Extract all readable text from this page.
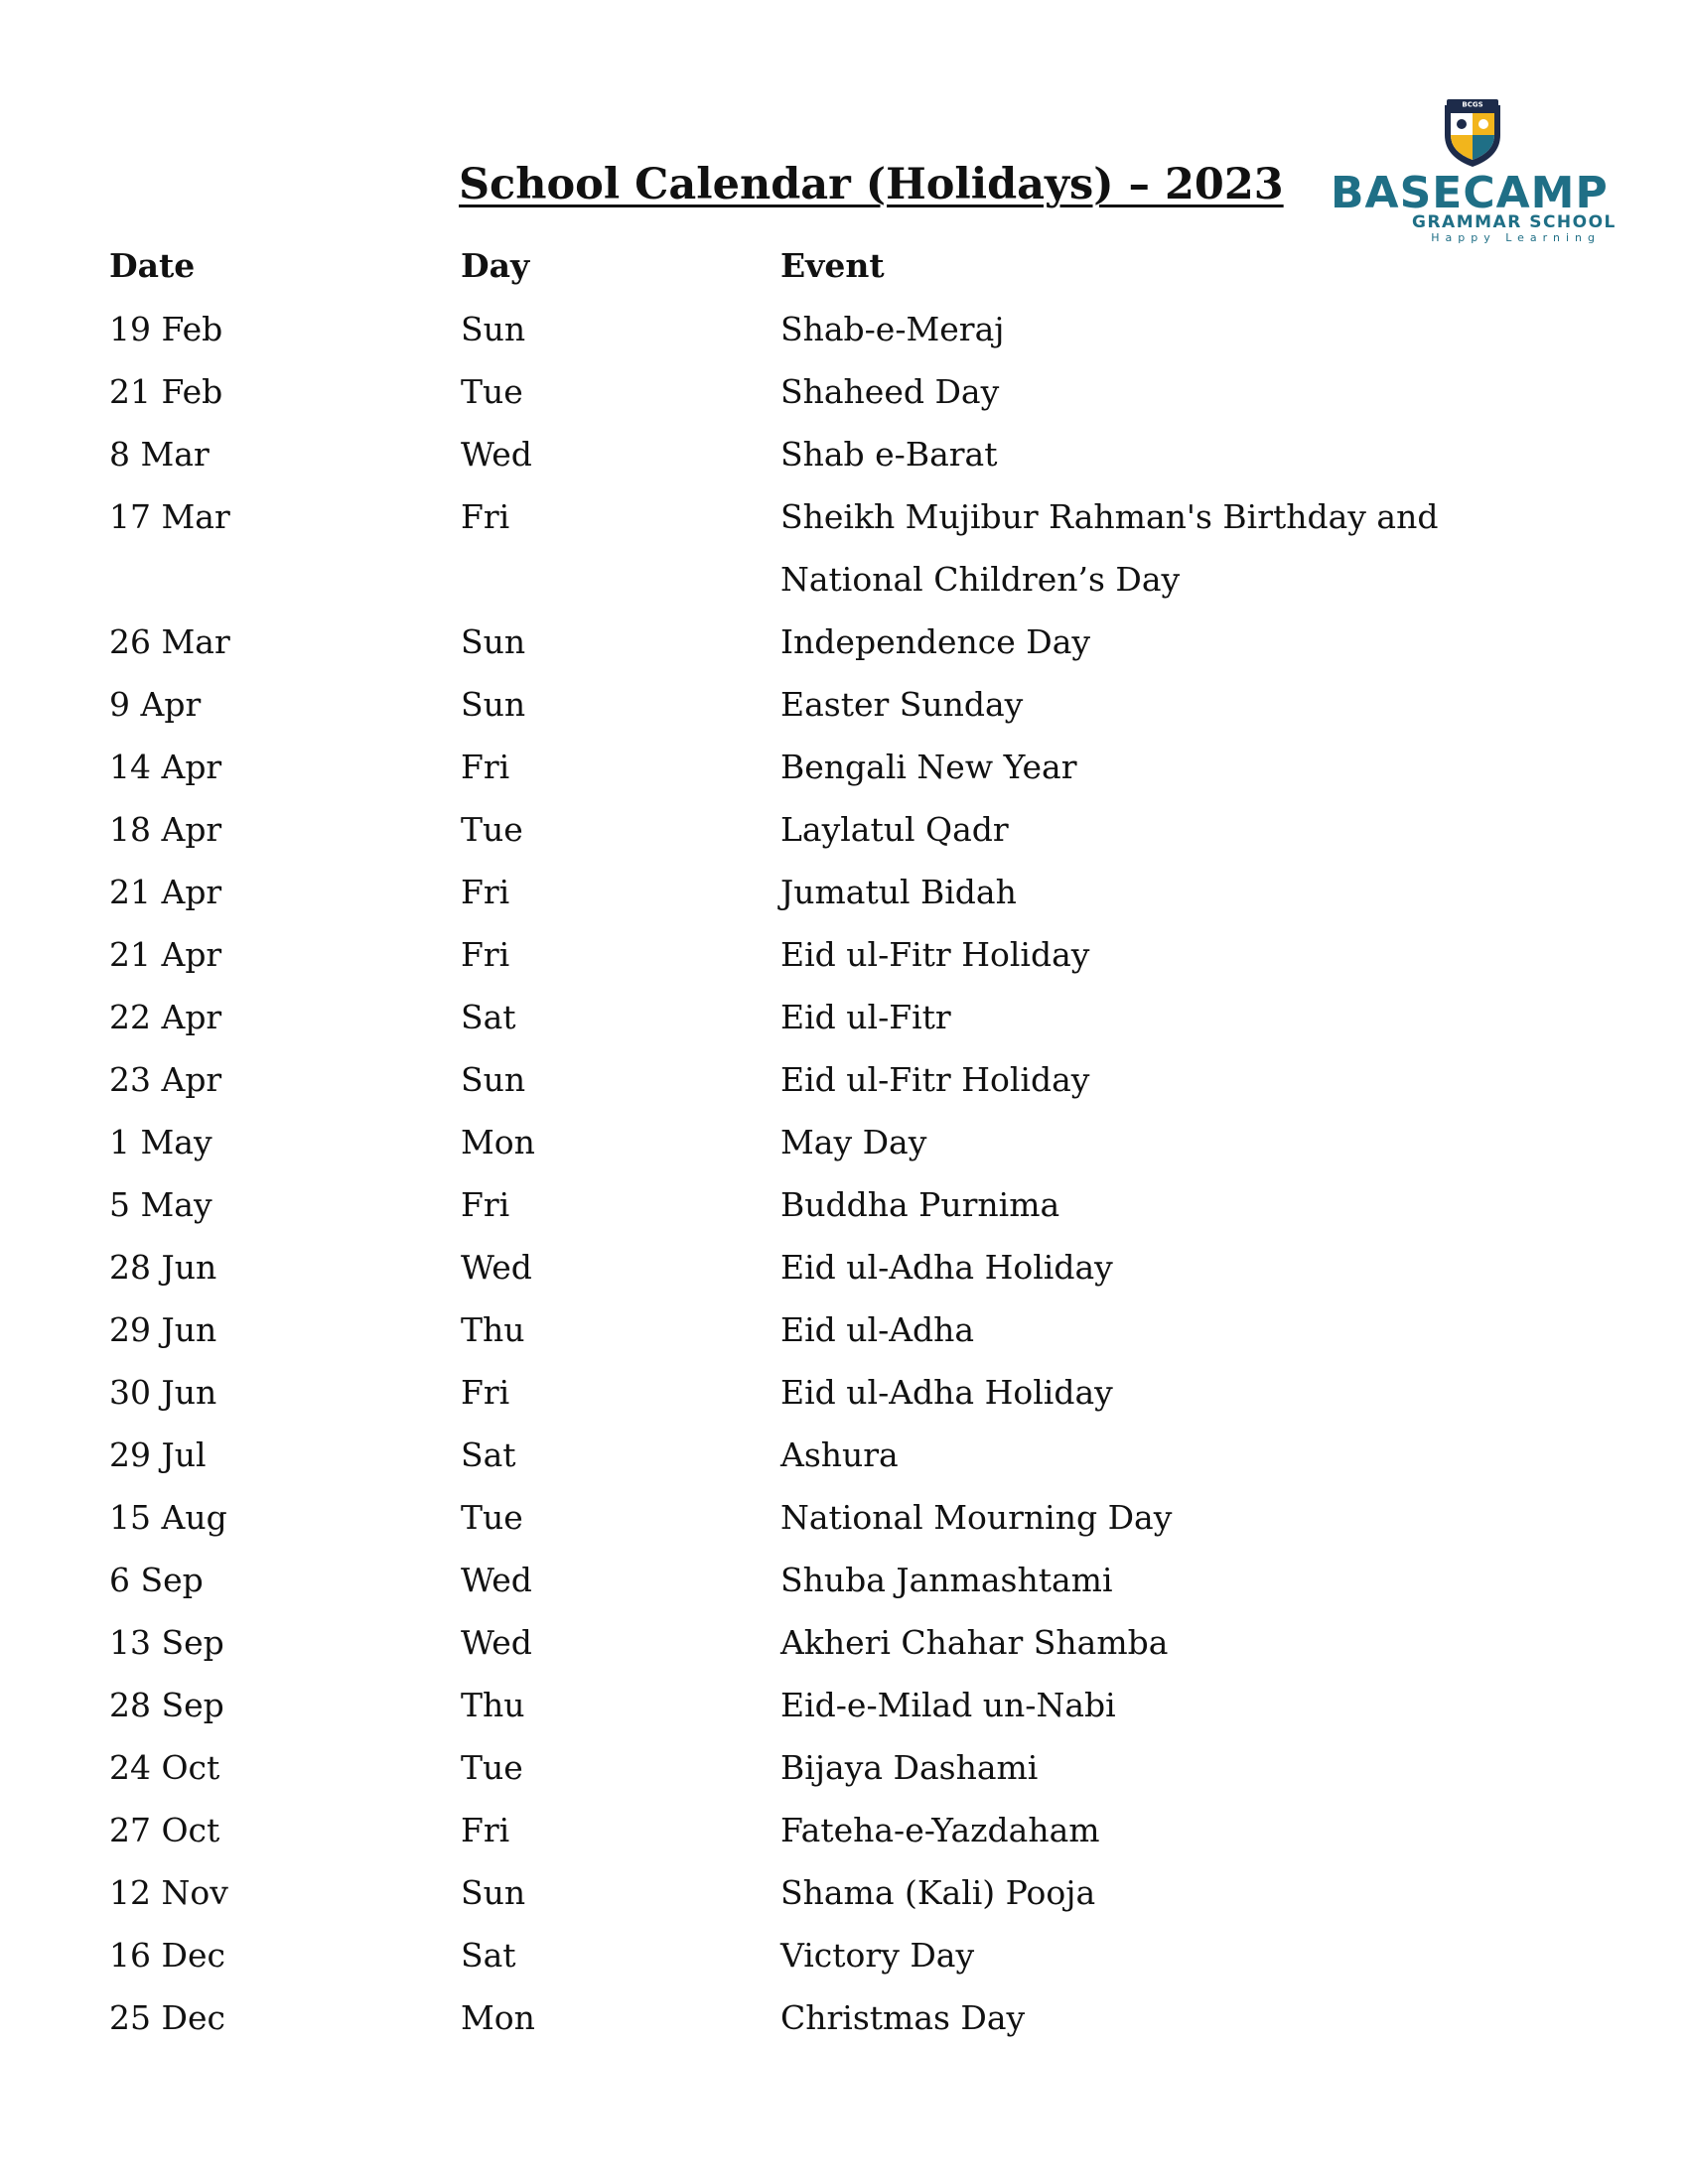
School Calendar (Holidays) – 2023
BCGS
BASECAMP
GRAMMAR SCHOOL
Happy Learning
Date	Day	Event
19 Feb	Sun	Shab-e-Meraj
21 Feb	Tue	Shaheed Day
8 Mar	Wed	Shab e-Barat
17 Mar	Fri	Sheikh Mujibur Rahman's Birthday and National Children’s Day
26 Mar	Sun	Independence Day
9 Apr	Sun	Easter Sunday
14 Apr	Fri	Bengali New Year
18 Apr	Tue	Laylatul Qadr
21 Apr	Fri	Jumatul Bidah
21 Apr	Fri	Eid ul-Fitr Holiday
22 Apr	Sat	Eid ul-Fitr
23 Apr	Sun	Eid ul-Fitr Holiday
1 May	Mon	May Day
5 May	Fri	Buddha Purnima
28 Jun	Wed	Eid ul-Adha Holiday
29 Jun	Thu	Eid ul-Adha
30 Jun	Fri	Eid ul-Adha Holiday
29 Jul	Sat	Ashura
15 Aug	Tue	National Mourning Day
6 Sep	Wed	Shuba Janmashtami
13 Sep	Wed	Akheri Chahar Shamba
28 Sep	Thu	Eid-e-Milad un-Nabi
24 Oct	Tue	Bijaya Dashami
27 Oct	Fri	Fateha-e-Yazdaham
12 Nov	Sun	Shama (Kali) Pooja
16 Dec	Sat	Victory Day
25 Dec	Mon	Christmas Day
